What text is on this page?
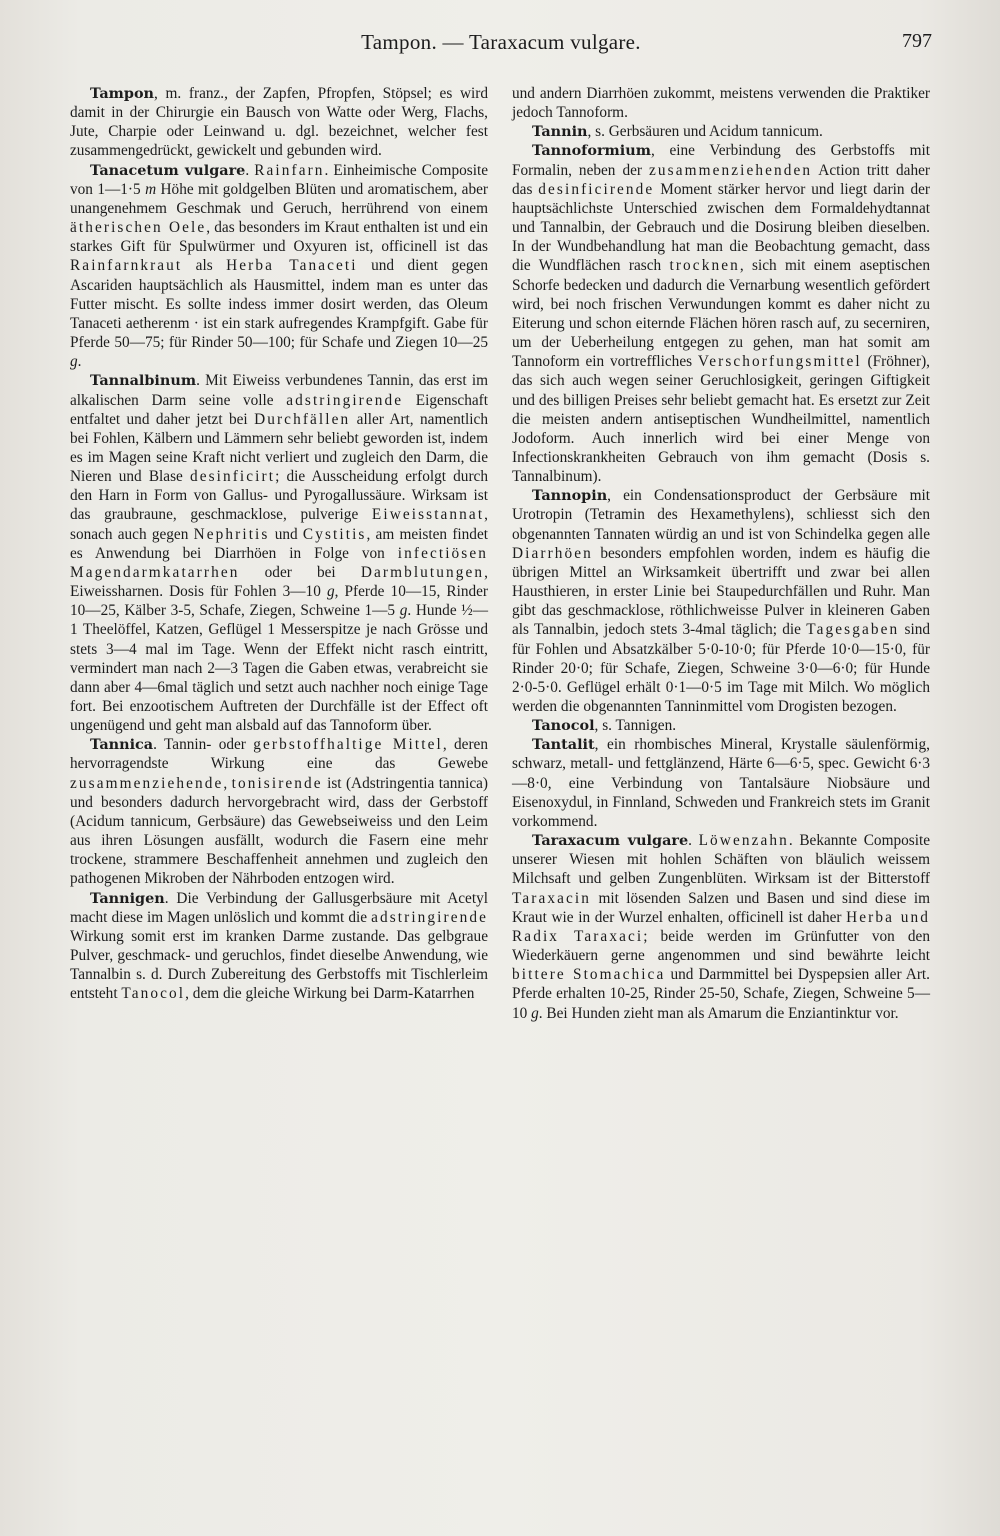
Tampon. — Taraxacum vulgare.	797

Tampon, m. franz., der Zapfen, Pfropfen, Stöpsel; es wird damit in der Chirurgie ein Bausch von Watte oder Werg, Flachs, Jute, Charpie oder Leinwand u. dgl. bezeichnet, welcher fest zusammengedrückt, gewickelt und gebunden wird.

Tanacetum vulgare. Rainfarn. Einheimische Composite von 1—1·5 m Höhe mit goldgelben Blüten und aromatischem, aber unangenehmem Geschmak und Geruch, herrührend von einem ätherischen Oele, das besonders im Kraut enthalten ist und ein starkes Gift für Spulwürmer und Oxyuren ist, officinell ist das Rainfarnkraut als Herba Tanaceti und dient gegen Ascariden hauptsächlich als Hausmittel, indem man es unter das Futter mischt. Es sollte indess immer dosirt werden, das Oleum Tanaceti aetherenm · ist ein stark aufregendes Krampfgift. Gabe für Pferde 50—75; für Rinder 50—100; für Schafe und Ziegen 10—25 g.

Tannalbinum. Mit Eiweiss verbundenes Tannin, das erst im alkalischen Darm seine volle adstringirende Eigenschaft entfaltet und daher jetzt bei Durchfällen aller Art, namentlich bei Fohlen, Kälbern und Lämmern sehr beliebt geworden ist, indem es im Magen seine Kraft nicht verliert und zugleich den Darm, die Nieren und Blase desinficirt; die Ausscheidung erfolgt durch den Harn in Form von Gallus- und Pyrogallussäure. Wirksam ist das graubraune, geschmacklose, pulverige Eiweisstannat, sonach auch gegen Nephritis und Cystitis, am meisten findet es Anwendung bei Diarrhöen in Folge von infectiösen Magendarmkatarrhen oder bei Darmblutungen, Eiweissharnen. Dosis für Fohlen 3—10 g, Pferde 10—15, Rinder 10—25, Kälber 3-5, Schafe, Ziegen, Schweine 1—5 g. Hunde ½—1 Theelöffel, Katzen, Geflügel 1 Messerspitze je nach Grösse und stets 3—4 mal im Tage. Wenn der Effekt nicht rasch eintritt, vermindert man nach 2—3 Tagen die Gaben etwas, verabreicht sie dann aber 4—6mal täglich und setzt auch nachher noch einige Tage fort. Bei enzootischem Auftreten der Durchfälle ist der Effect oft ungenügend und geht man alsbald auf das Tannoform über.

Tannica. Tannin- oder gerbstoffhaltige Mittel, deren hervorragendste Wirkung eine das Gewebe zusammenziehende, tonisirende ist (Adstringentia tannica) und besonders dadurch hervorgebracht wird, dass der Gerbstoff (Acidum tannicum, Gerbsäure) das Gewebseiweiss und den Leim aus ihren Lösungen ausfällt, wodurch die Fasern eine mehr trockene, strammere Beschaffenheit annehmen und zugleich den pathogenen Mikroben der Nährboden entzogen wird.

Tannigen. Die Verbindung der Gallusgerbsäure mit Acetyl macht diese im Magen unlöslich und kommt die adstringirende Wirkung somit erst im kranken Darme zustande. Das gelbgraue Pulver, geschmack- und geruchlos, findet dieselbe Anwendung, wie Tannalbin s. d. Durch Zubereitung des Gerbstoffs mit Tischlerleim entsteht Tanocol, dem die gleiche Wirkung bei Darm-Katarrhen

und andern Diarrhöen zukommt, meistens verwenden die Praktiker jedoch Tannoform.

Tannin, s. Gerbsäuren und Acidum tannicum.

Tannoformium, eine Verbindung des Gerbstoffs mit Formalin, neben der zusammenziehenden Action tritt daher das desinficirende Moment stärker hervor und liegt darin der hauptsächlichste Unterschied zwischen dem Formaldehydtannat und Tannalbin, der Gebrauch und die Dosirung bleiben dieselben. In der Wundbehandlung hat man die Beobachtung gemacht, dass die Wundflächen rasch trocknen, sich mit einem aseptischen Schorfe bedecken und dadurch die Vernarbung wesentlich gefördert wird, bei noch frischen Verwundungen kommt es daher nicht zu Eiterung und schon eiternde Flächen hören rasch auf, zu secerniren, um der Ueberheilung entgegen zu gehen, man hat somit am Tannoform ein vortreffliches Verschorfungsmittel (Fröhner), das sich auch wegen seiner Geruchlosigkeit, geringen Giftigkeit und des billigen Preises sehr beliebt gemacht hat. Es ersetzt zur Zeit die meisten andern antiseptischen Wundheilmittel, namentlich Jodoform. Auch innerlich wird bei einer Menge von Infectionskrankheiten Gebrauch von ihm gemacht (Dosis s. Tannalbinum).

Tannopin, ein Condensationsproduct der Gerbsäure mit Urotropin (Tetramin des Hexamethylens), schliesst sich den obgenannten Tannaten würdig an und ist von Schindelka gegen alle Diarrhöen besonders empfohlen worden, indem es häufig die übrigen Mittel an Wirksamkeit übertrifft und zwar bei allen Hausthieren, in erster Linie bei Staupedurchfällen und Ruhr. Man gibt das geschmacklose, röthlichweisse Pulver in kleineren Gaben als Tannalbin, jedoch stets 3-4mal täglich; die Tagesgaben sind für Fohlen und Absatzkälber 5·0-10·0; für Pferde 10·0—15·0, für Rinder 20·0; für Schafe, Ziegen, Schweine 3·0—6·0; für Hunde 2·0-5·0. Geflügel erhält 0·1—0·5 im Tage mit Milch. Wo möglich werden die obgenannten Tanninmittel vom Drogisten bezogen.

Tanocol, s. Tannigen.

Tantalit, ein rhombisches Mineral, Krystalle säulenförmig, schwarz, metall- und fettglänzend, Härte 6—6·5, spec. Gewicht 6·3—8·0, eine Verbindung von Tantalsäure Niobsäure und Eisenoxydul, in Finnland, Schweden und Frankreich stets im Granit vorkommend.

Taraxacum vulgare. Löwenzahn. Bekannte Composite unserer Wiesen mit hohlen Schäften von bläulich weissem Milchsaft und gelben Zungenblüten. Wirksam ist der Bitterstoff Taraxacin mit lösenden Salzen und Basen und sind diese im Kraut wie in der Wurzel enhalten, officinell ist daher Herba und Radix Taraxaci; beide werden im Grünfutter von den Wiederkäuern gerne angenommen und sind bewährte leicht bittere Stomachica und Darmmittel bei Dyspepsien aller Art. Pferde erhalten 10-25, Rinder 25-50, Schafe, Ziegen, Schweine 5—10 g. Bei Hunden zieht man als Amarum die Enziantinktur vor.
